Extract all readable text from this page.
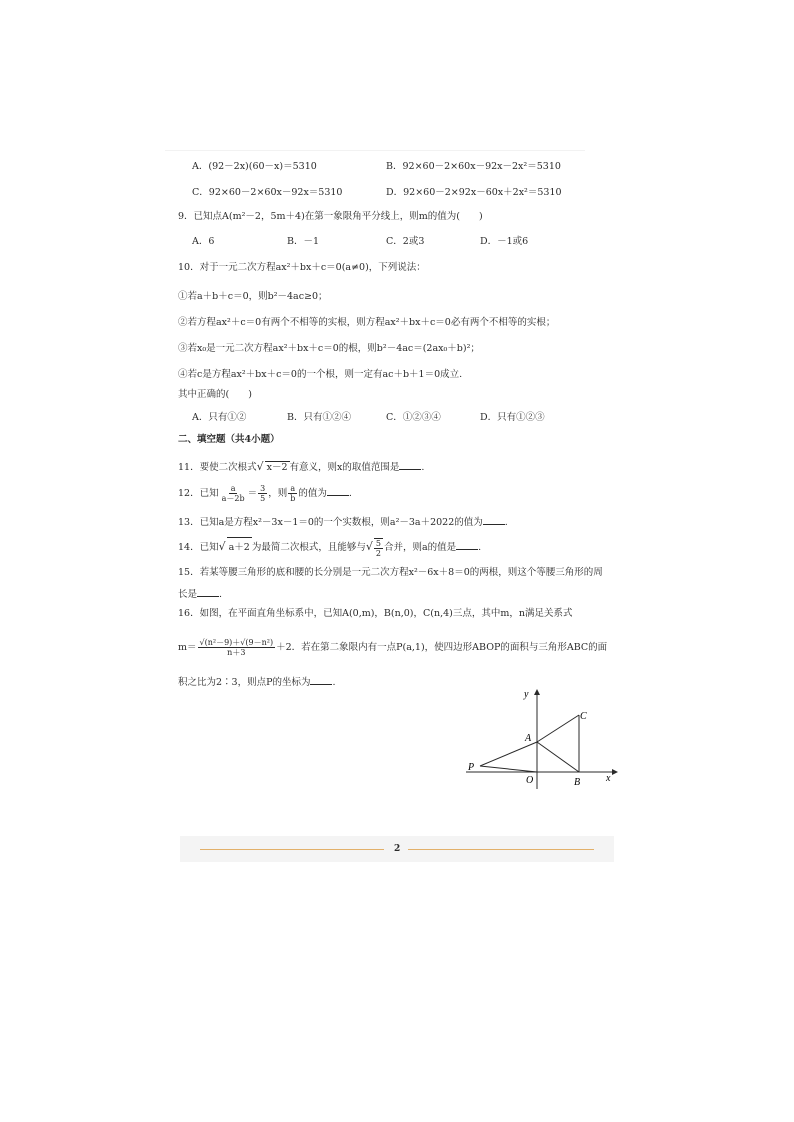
A．(92－2x)(60－x)＝5310	B．92×60－2×60x－92x－2x²＝5310
C．92×60－2×60x－92x＝5310	D．92×60－2×92x－60x＋2x²＝5310
9．已知点A(m²－2，5m＋4)在第一象限角平分线上，则m的值为(　　)
A．6	B．－1	C．2或3	D．－1或6
10．对于一元二次方程ax²＋bx＋c＝0(a≠0)，下列说法：
①若a＋b＋c＝0，则b²－4ac≥0；
②若方程ax²＋c＝0有两个不相等的实根，则方程ax²＋bx＋c＝0必有两个不相等的实根；
③若x₀是一元二次方程ax²＋bx＋c＝0的根，则b²－4ac＝(2ax₀＋b)²；
④若c是方程ax²＋bx＋c＝0的一个根，则一定有ac＋b＋1＝0成立.
其中正确的(　　)
A．只有①②	B．只有①②④	C．①②③④	D．只有①②③
二、填空题（共4小题）
11．要使二次根式√ x－2 有意义，则x的取值范围是 .
12．已知 $\frac{a}{a-2b} = \frac{3}{5}$ ，则 $\frac{a}{b}$ 的值为 .
13．已知a是方程x²－3x－1＝0的一个实数根，则a²－3a＋2022的值为 .
14．已知√ a＋2 为最简二次根式，且能够与√ $\frac{5}{2}$ 合并，则a的值是 .
15．若某等腰三角形的底和腰的长分别是一元二次方程x²－6x＋8＝0的两根，则这个等腰三角形的周
长是 .
16．如图，在平面直角坐标系中，已知A(0,m)，B(n,0)，C(n,4)三点，其中m，n满足关系式
$m= \frac{\text{√(n²－9)＋√(9－n²)}}{n+3} +2$．若在第二象限内有一点P(a,1)，使四边形ABOP的面积与三角形ABC的面
积之比为2∶3，则点P的坐标为 .
y
x
A
B
C
P
O
2
